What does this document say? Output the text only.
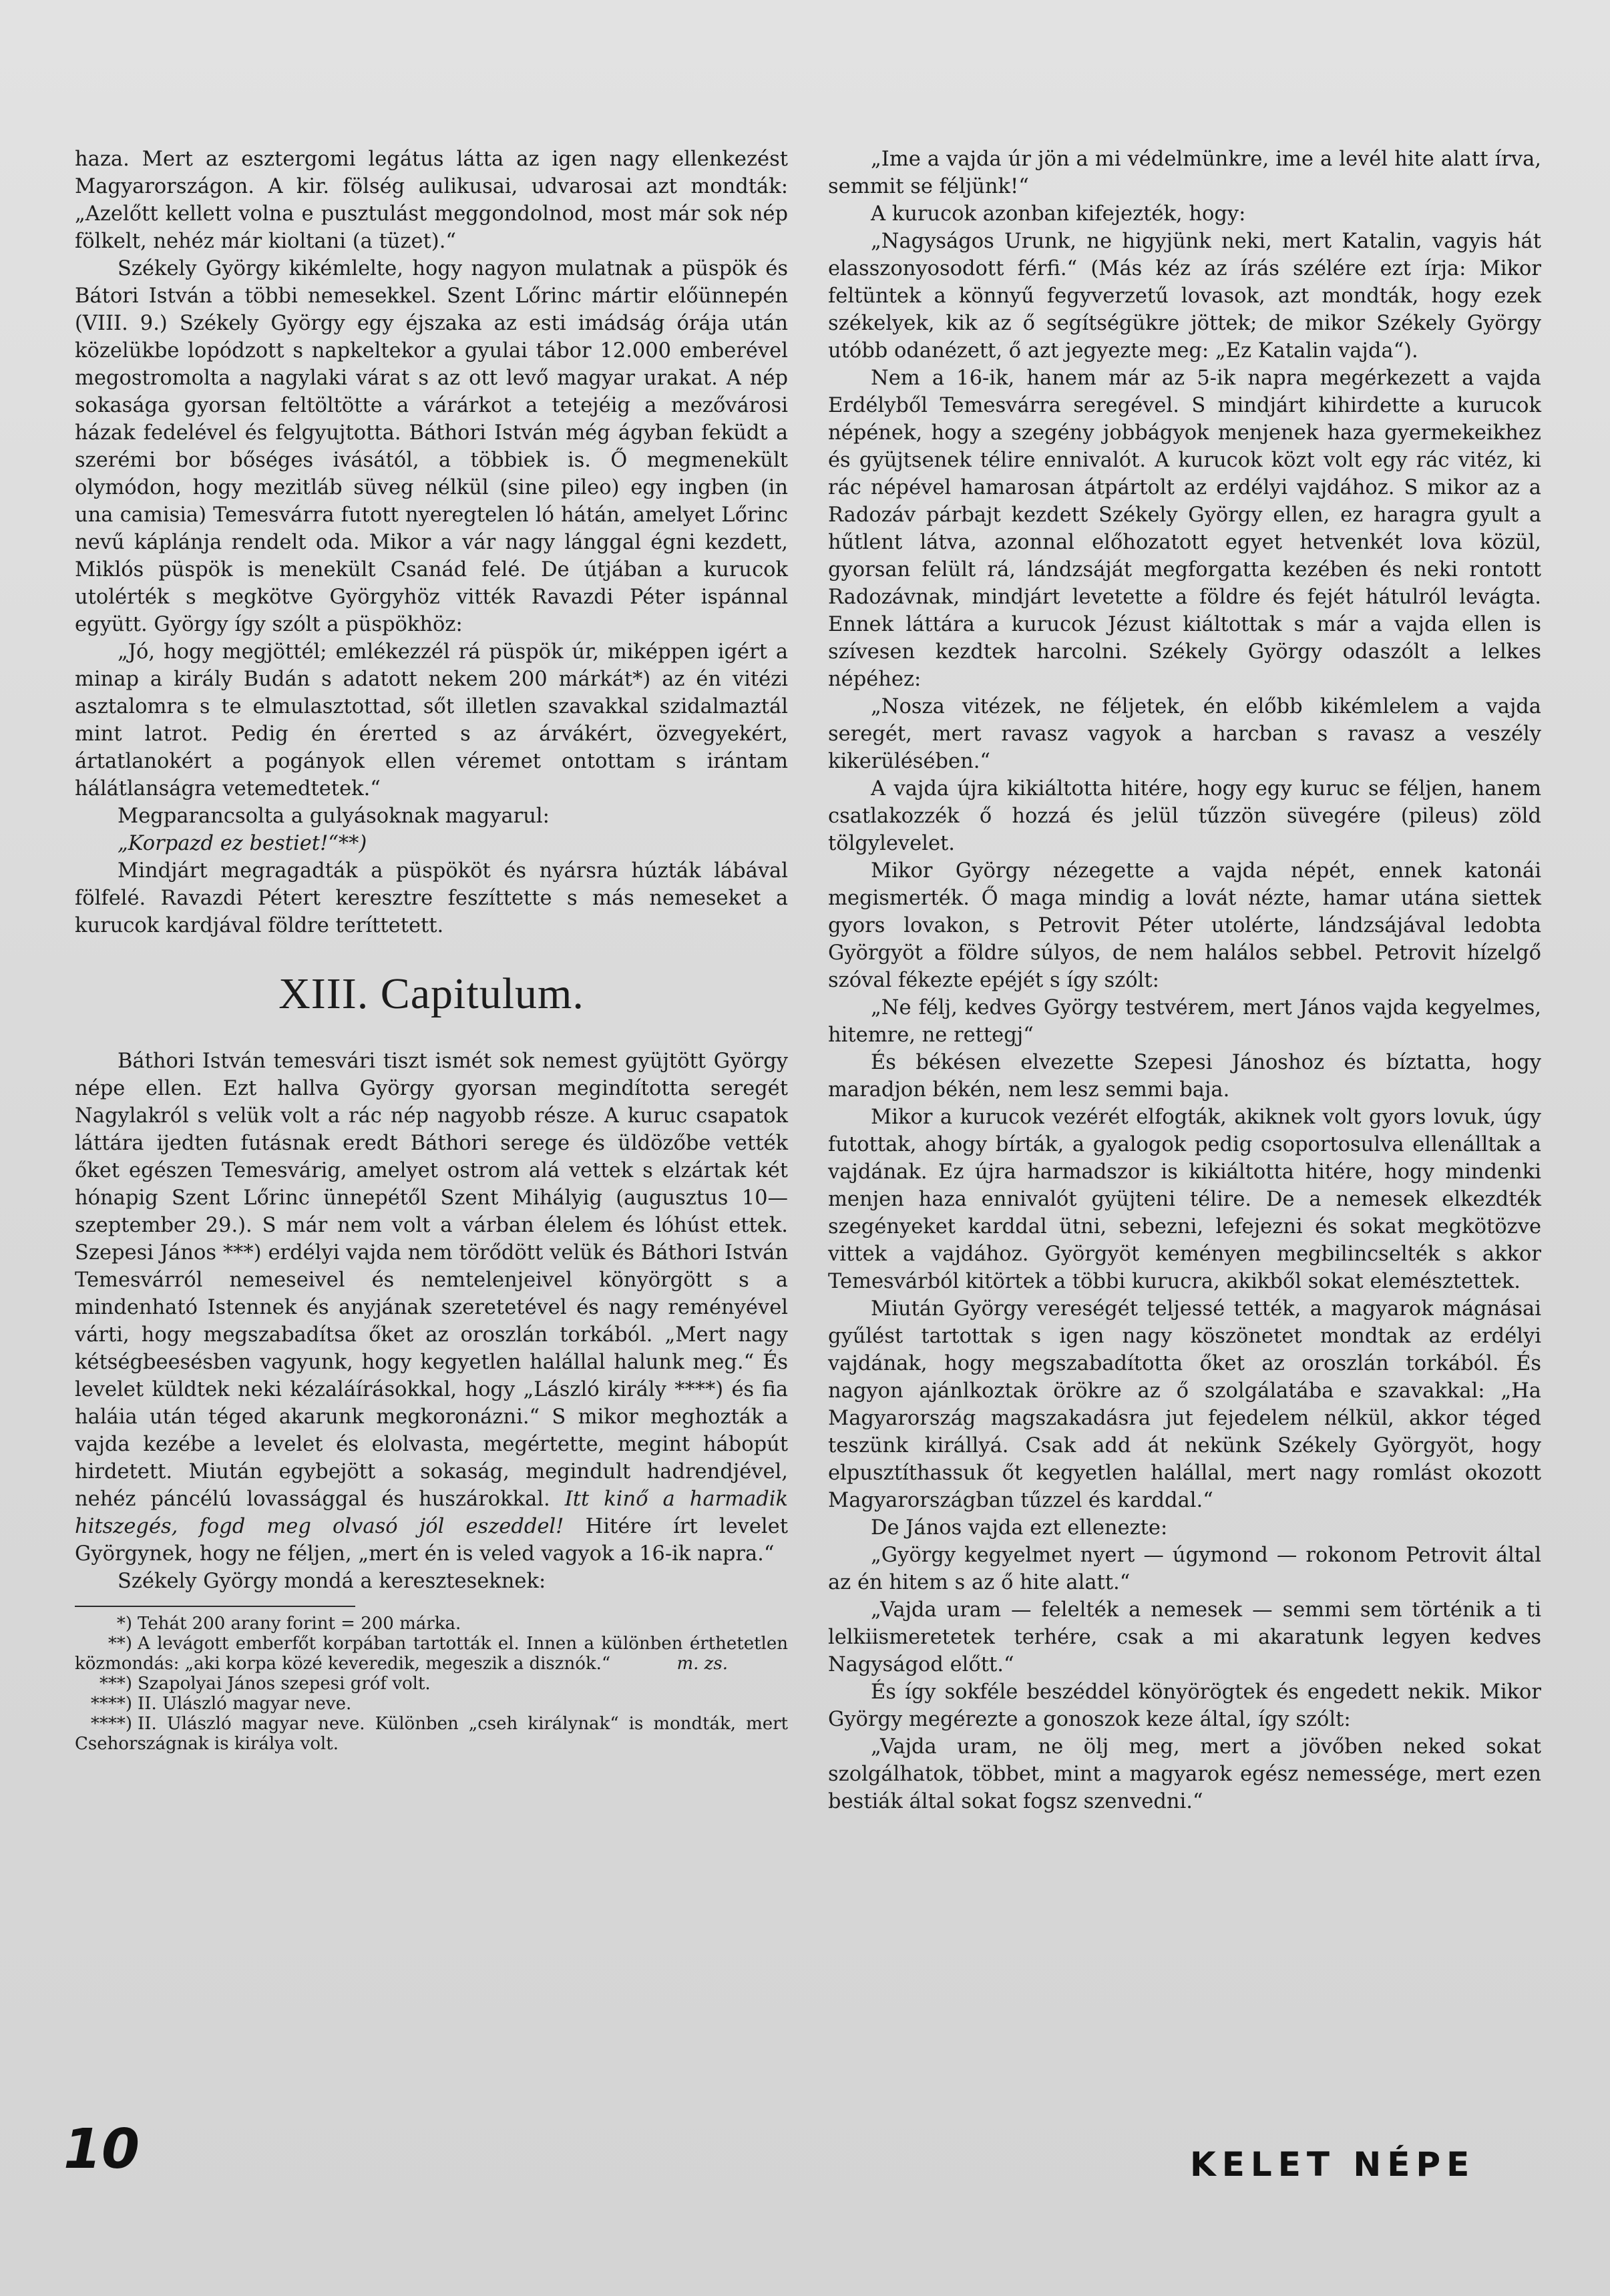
haza. Mert az esztergomi legátus látta az igen nagy ellenkezést Magyarországon. A kir. fölség aulikusai, udvarosai azt mondták: „Azelőtt kellett volna e pusztulást meggondolnod, most már sok nép fölkelt, nehéz már kioltani (a tüzet).“

Székely György kikémlelte, hogy nagyon mulatnak a püspök és Bátori István a többi nemesekkel. Szent Lőrinc mártir előünnepén (VIII. 9.) Székely György egy éjszaka az esti imádság órája után közelükbe lopódzott s napkeltekor a gyulai tábor 12.000 emberével megostromolta a nagylaki várat s az ott levő magyar urakat. A nép sokasága gyorsan feltöltötte a várárkot a tetejéig a mezővárosi házak fedelével és felgyujtotta. Báthori István még ágyban feküdt a szerémi bor bőséges ivásától, a többiek is. Ő megmenekült olymódon, hogy mezitláb süveg nélkül (sine pileo) egy ingben (in una camisia) Temesvárra futott nyeregtelen ló hátán, amelyet Lőrinc nevű káplánja rendelt oda. Mikor a vár nagy lánggal égni kezdett, Miklós püspök is menekült Csanád felé. De útjában a kurucok utolérték s megkötve Györgyhöz vitték Ravazdi Péter ispánnal együtt. György így szólt a püspökhöz:

„Jó, hogy megjöttél; emlékezzél rá püspök úr, miképpen igért a minap a király Budán s adatott nekem 200 márkát*) az én vitézi asztalomra s te elmulasztottad, sőt illetlen szavakkal szidalmaztál mint latrot. Pedig én érетted s az árvákért, özvegyekért, ártatlanokért a pogányok ellen véremet ontottam s irántam hálátlanságra vetemedtetek.“

Megparancsolta a gulyásoknak magyarul:

„Korpazd ez bestiet!“**)

Mindjárt megragadták a püspököt és nyársra húzták lábával fölfelé. Ravazdi Pétert keresztre feszíttette s más nemeseket a kurucok kardjával földre teríttetett.

XIII. Capitulum.

Báthori István temesvári tiszt ismét sok nemest gyüjtött György népe ellen. Ezt hallva György gyorsan megindította seregét Nagylakról s velük volt a rác nép nagyobb része. A kuruc csapatok láttára ijedten futásnak eredt Báthori serege és üldözőbe vették őket egészen Temesvárig, amelyet ostrom alá vettek s elzártak két hónapig Szent Lőrinc ünnepétől Szent Mihályig (augusztus 10—szeptember 29.). S már nem volt a várban élelem és lóhúst ettek. Szepesi János ***) erdélyi vajda nem törődött velük és Báthori István Temesvárról nemeseivel és nemtelenjeivel könyörgött s a mindenható Istennek és anyjának szeretetével és nagy reményével várti, hogy megszabadítsa őket az oroszlán torkából. „Mert nagy kétségbeesésben vagyunk, hogy kegyetlen halállal halunk meg.“ És levelet küldtek neki kézaláírásokkal, hogy „László király ****) és fia haláia után téged akarunk megkoronázni.“ S mikor meghozták a vajda kezébe a levelet és elolvasta, megértette, megint hábорút hirdetett. Miután egybejött a sokaság, megindult hadrendjével, nehéz páncélú lovassággal és huszárokkal. Itt kinő a harmadik hitszegés, fogd meg olvasó jól eszeddel! Hitére írt levelet Györgynek, hogy ne féljen, „mert én is veled vagyok a 16-ik napra.“

Székely György mondá a kereszteseknek:

*) Tehát 200 arany forint = 200 márka.

**) A levágott emberfőt korpában tartották el. Innen a különben érthetetlen közmondás: „aki korpa közé keveredik, megeszik a disznók.“	m. zs.

***) Szapolyai János szepesi gróf volt.

****) II. Ulászló magyar neve.

****) II. Ulászló magyar neve. Különben „cseh királynak“ is mondták, mert Csehországnak is királya volt.

„Ime a vajda úr jön a mi védelmünkre, ime a levél hite alatt írva, semmit se féljünk!“

A kurucok azonban kifejezték, hogy:

„Nagyságos Urunk, ne higyjünk neki, mert Katalin, vagyis hát elasszonyosodott férfi.“ (Más kéz az írás szélére ezt írja: Mikor feltüntek a könnyű fegyverzetű lovasok, azt mondták, hogy ezek székelyek, kik az ő segítségükre jöttek; de mikor Székely György utóbb odanézett, ő azt jegyezte meg: „Ez Katalin vajda“).

Nem a 16-ik, hanem már az 5-ik napra megérkezett a vajda Erdélyből Temesvárra seregével. S mindjárt kihirdette a kurucok népének, hogy a szegény jobbágyok menjenek haza gyermekeikhez és gyüjtsenek télire ennivalót. A kurucok közt volt egy rác vitéz, ki rác népével hamarosan átpártolt az erdélyi vajdához. S mikor az a Radozáv párbajt kezdett Székely György ellen, ez haragra gyult a hűtlent látva, azonnal előhozatott egyet hetvenkét lova közül, gyorsan felült rá, lándzsáját megforgatta kezében és neki rontott Radozávnak, mindjárt levetette a földre és fejét hátulról levágta. Ennek láttára a kurucok Jézust kiáltottak s már a vajda ellen is szívesen kezdtek harcolni. Székely György odaszólt a lelkes népéhez:

„Nosza vitézek, ne féljetek, én előbb kikémlelem a vajda seregét, mert ravasz vagyok a harcban s ravasz a veszély kikerülésében.“

A vajda újra kikiáltotta hitére, hogy egy kuruc se féljen, hanem csatlakozzék ő hozzá és jelül tűzzön süvegére (pileus) zöld tölgylevelet.

Mikor György nézegette a vajda népét, ennek katonái megismerték. Ő maga mindig a lovát nézte, hamar utána siettek gyors lovakon, s Petrovit Péter utolérte, lándzsájával ledobta Györgyöt a földre súlyos, de nem halálos sebbel. Petrovit hízelgő szóval fékezte epéjét s így szólt:

„Ne félj, kedves György testvérem, mert János vajda kegyelmes, hitemre, ne rettegj“

És békésen elvezette Szepesi Jánoshoz és bíztatta, hogy maradjon békén, nem lesz semmi baja.

Mikor a kurucok vezérét elfogták, akiknek volt gyors lovuk, úgy futottak, ahogy bírták, a gyalogok pedig csoportosulva ellenálltak a vajdának. Ez újra harmadszor is kikiáltotta hitére, hogy mindenki menjen haza ennivalót gyüjteni télire. De a nemesek elkezdték szegényeket karddal ütni, sebezni, lefejezni és sokat megkötözve vittek a vajdához. Györgyöt keményen megbilincselték s akkor Temesvárból kitörtek a többi kurucra, akikből sokat elemésztettek.

Miután György vereségét teljessé tették, a magyarok mágnásai gyűlést tartottak s igen nagy köszönetet mondtak az erdélyi vajdának, hogy megszabadította őket az oroszlán torkából. És nagyon ajánlkoztak örökre az ő szolgálatába e szavakkal: „Ha Magyarország magszakadásra jut fejedelem nélkül, akkor téged teszünk királlyá. Csak add át nekünk Székely Györgyöt, hogy elpusztíthassuk őt kegyetlen halállal, mert nagy romlást okozott Magyarországban tűzzel és karddal.“

De János vajda ezt ellenezte:

„György kegyelmet nyert — úgymond — rokonom Petrovit által az én hitem s az ő hite alatt.“

„Vajda uram — felelték a nemesek — semmi sem történik a ti lelkiismeretetek terhére, csak a mi akaratunk legyen kedves Nagyságod előtt.“

És így sokféle beszéddel könyörögtek és engedett nekik. Mikor György megérezte a gonoszok keze által, így szólt:

„Vajda uram, ne ölj meg, mert a jövőben neked sokat szolgálhatok, többet, mint a magyarok egész nemessége, mert ezen bestiák által sokat fogsz szenvedni.“

10	KELET NÉPE
